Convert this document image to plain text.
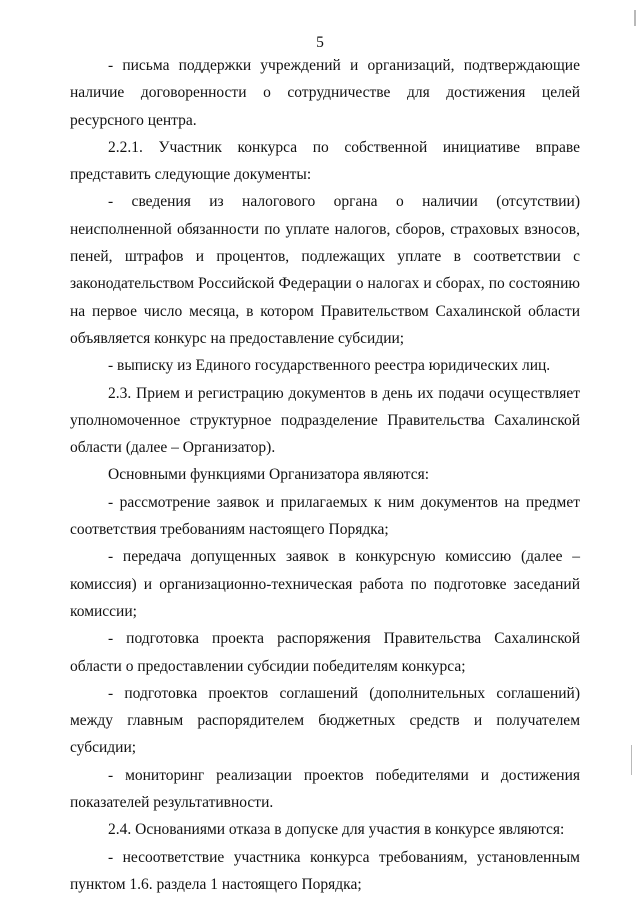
5

- письма поддержки учреждений и организаций, подтверждающие наличие договоренности о сотрудничестве для достижения целей ресурсного центра.

2.2.1. Участник конкурса по собственной инициативе вправе представить следующие документы:

- сведения из налогового органа о наличии (отсутствии) неисполненной обязанности по уплате налогов, сборов, страховых взносов, пеней, штрафов и процентов, подлежащих уплате в соответствии с законодательством Российской Федерации о налогах и сборах, по состоянию на первое число месяца, в котором Правительством Сахалинской области объявляется конкурс на предоставление субсидии;

- выписку из Единого государственного реестра юридических лиц.

2.3. Прием и регистрацию документов в день их подачи осуществляет уполномоченное структурное подразделение Правительства Сахалинской области (далее – Организатор).

Основными функциями Организатора являются:

- рассмотрение заявок и прилагаемых к ним документов на предмет соответствия требованиям настоящего Порядка;

- передача допущенных заявок в конкурсную комиссию (далее – комиссия) и организационно-техническая работа по подготовке заседаний комиссии;

- подготовка проекта распоряжения Правительства Сахалинской области о предоставлении субсидии победителям конкурса;

- подготовка проектов соглашений (дополнительных соглашений) между главным распорядителем бюджетных средств и получателем субсидии;

- мониторинг реализации проектов победителями и достижения показателей результативности.

2.4. Основаниями отказа в допуске для участия в конкурсе являются:

- несоответствие участника конкурса требованиям, установленным пунктом 1.6. раздела 1 настоящего Порядка;
